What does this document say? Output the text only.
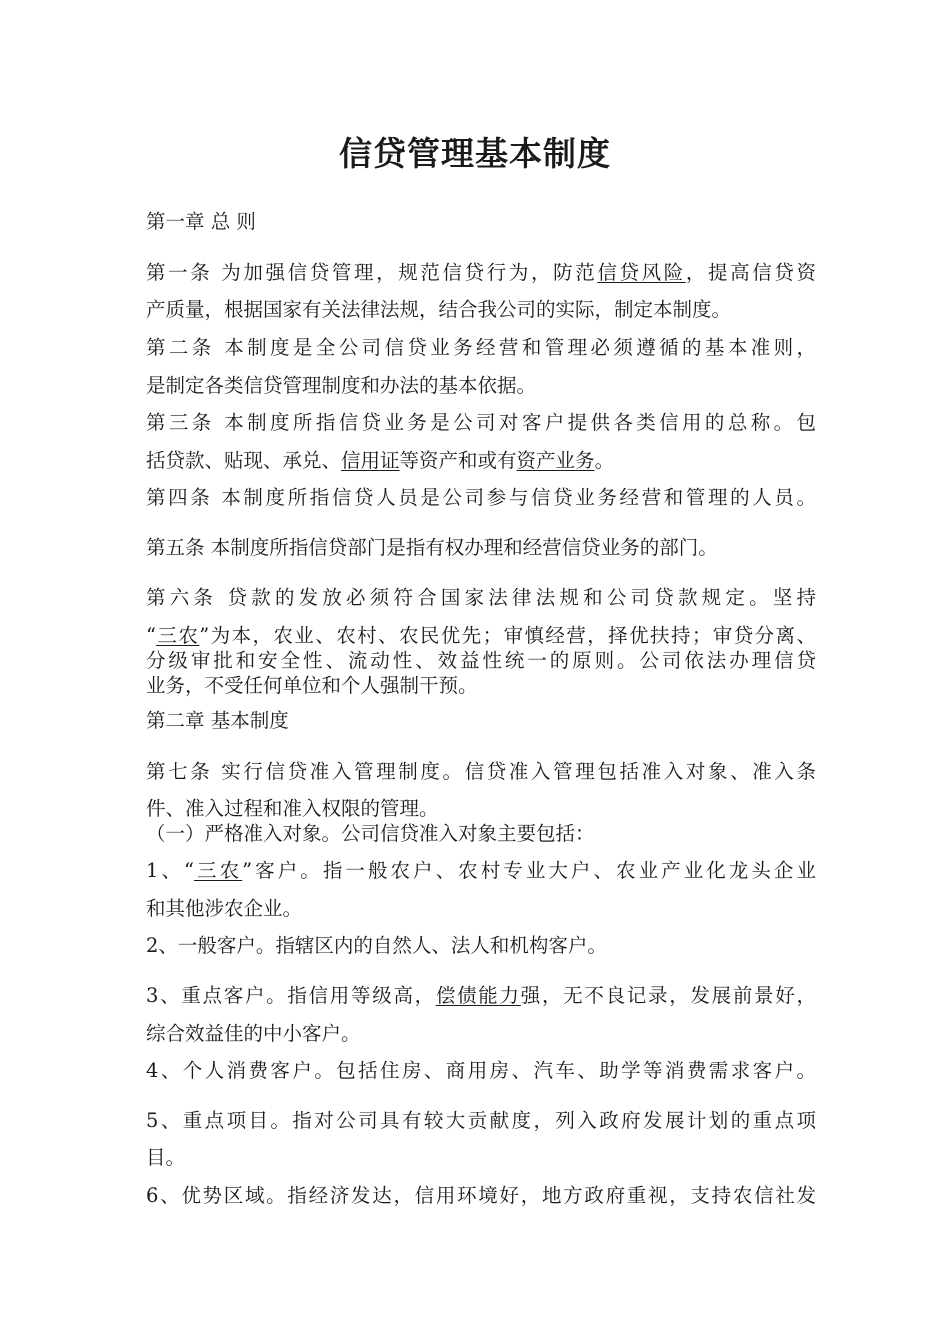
信贷管理基本制度
第一章 总 则
第一条 为加强信贷管理，规范信贷行为，防范信贷风险，提高信贷资
产质量，根据国家有关法律法规，结合我公司的实际，制定本制度。
第二条 本制度是全公司信贷业务经营和管理必须遵循的基本准则，
是制定各类信贷管理制度和办法的基本依据。
第三条 本制度所指信贷业务是公司对客户提供各类信用的总称。包
括贷款、贴现、承兑、信用证等资产和或有资产业务。
第四条 本制度所指信贷人员是公司参与信贷业务经营和管理的人员。
第五条 本制度所指信贷部门是指有权办理和经营信贷业务的部门。
第六条 贷款的发放必须符合国家法律法规和公司贷款规定。坚持
“三农”为本，农业、农村、农民优先；审慎经营，择优扶持；审贷分离、
分级审批和安全性、流动性、效益性统一的原则。公司依法办理信贷
业务，不受任何单位和个人强制干预。
第二章 基本制度
第七条 实行信贷准入管理制度。信贷准入管理包括准入对象、准入条
件、准入过程和准入权限的管理。
（一）严格准入对象。公司信贷准入对象主要包括：
1、“三农”客户。指一般农户、农村专业大户、农业产业化龙头企业
和其他涉农企业。
2、一般客户。指辖区内的自然人、法人和机构客户。
3、重点客户。指信用等级高，偿债能力强，无不良记录，发展前景好，
综合效益佳的中小客户。
4、个人消费客户。包括住房、商用房、汽车、助学等消费需求客户。
5、重点项目。指对公司具有较大贡献度，列入政府发展计划的重点项
目。
6、优势区域。指经济发达，信用环境好，地方政府重视，支持农信社发
